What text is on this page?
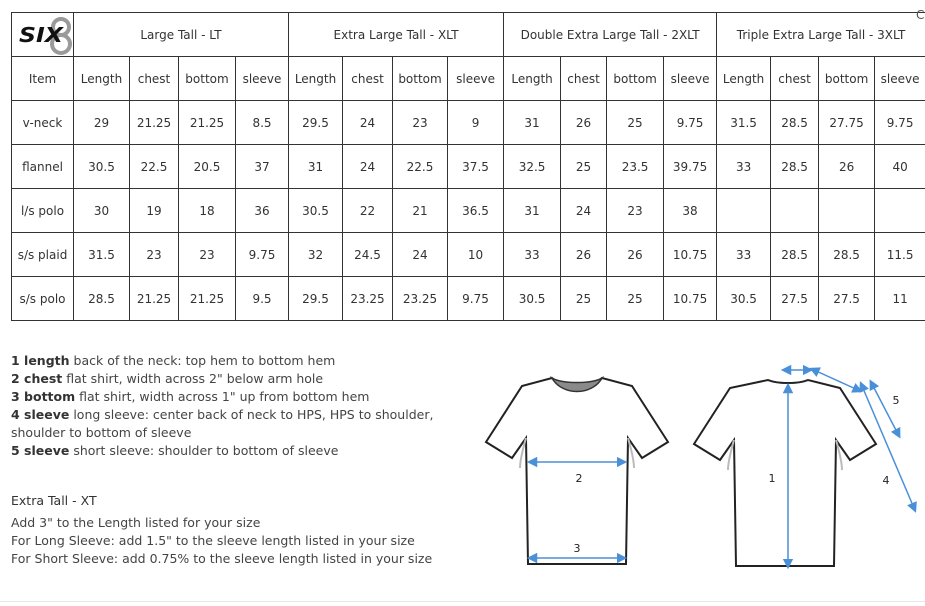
SIX	Large Tall - LT				Extra Large Tall - XLT				Double Extra Large Tall - 2XLT				Triple Extra Large Tall - 3XLT			
Item	Length	chest	bottom	sleeve	Length	chest	bottom	sleeve	Length	chest	bottom	sleeve	Length	chest	bottom	sleeve
v-neck	29	21.25	21.25	8.5	29.5	24	23	9	31	26	25	9.75	31.5	28.5	27.75	9.75
flannel	30.5	22.5	20.5	37	31	24	22.5	37.5	32.5	25	23.5	39.75	33	28.5	26	40
l/s polo	30	19	18	36	30.5	22	21	36.5	31	24	23	38				
s/s plaid	31.5	23	23	9.75	32	24.5	24	10	33	26	26	10.75	33	28.5	28.5	11.5
s/s polo	28.5	21.25	21.25	9.5	29.5	23.25	23.25	9.75	30.5	25	25	10.75	30.5	27.5	27.5	11
C
1 length back of the neck: top hem to bottom hem
2 chest flat shirt, width across 2" below arm hole
3 bottom flat shirt, width across 1" up from bottom hem
4 sleeve long sleeve: center back of neck to HPS, HPS to shoulder, shoulder to bottom of sleeve
5 sleeve short sleeve: shoulder to bottom of sleeve
Extra Tall - XT
Add 3" to the Length listed for your size
For Long Sleeve: add 1.5" to the sleeve length listed in your size
For Short Sleeve: add 0.75% to the sleeve length listed in your size
2
3
1	4
5
